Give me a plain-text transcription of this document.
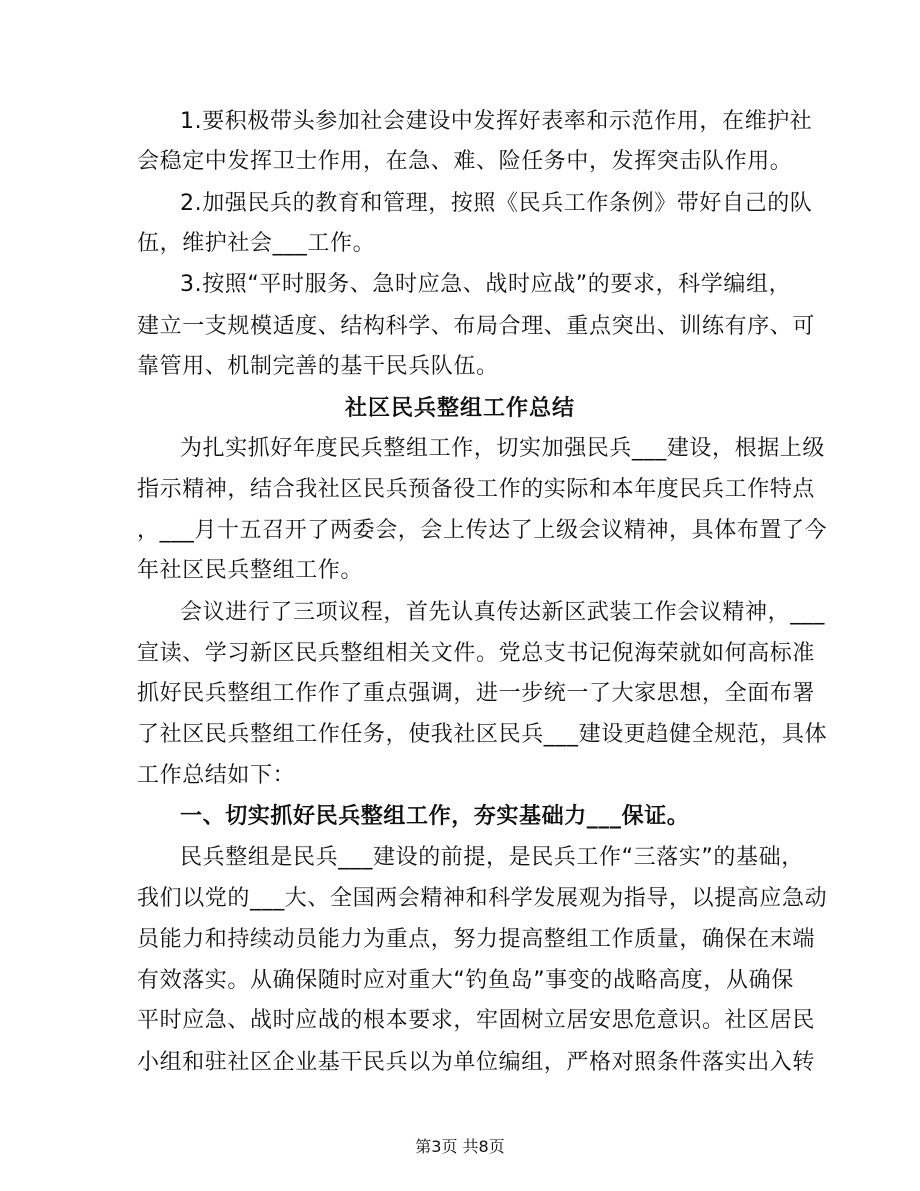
1.要积极带头参加社会建设中发挥好表率和示范作用，在维护社
会稳定中发挥卫士作用，在急、难、险任务中，发挥突击队作用。
2.加强民兵的教育和管理，按照《民兵工作条例》带好自己的队
伍，维护社会___工作。
3.按照“平时服务、急时应急、战时应战”的要求，科学编组，
建立一支规模适度、结构科学、布局合理、重点突出、训练有序、可
靠管用、机制完善的基干民兵队伍。
社区民兵整组工作总结
为扎实抓好年度民兵整组工作，切实加强民兵___建设，根据上级
指示精神，结合我社区民兵预备役工作的实际和本年度民兵工作特点
，___月十五召开了两委会，会上传达了上级会议精神，具体布置了今
年社区民兵整组工作。
会议进行了三项议程，首先认真传达新区武装工作会议精神，___
宣读、学习新区民兵整组相关文件。党总支书记倪海荣就如何高标准
抓好民兵整组工作作了重点强调，进一步统一了大家思想，全面布署
了社区民兵整组工作任务，使我社区民兵___建设更趋健全规范，具体
工作总结如下：
一、切实抓好民兵整组工作，夯实基础力___保证。
民兵整组是民兵___建设的前提，是民兵工作“三落实”的基础，
我们以党的___大、全国两会精神和科学发展观为指导，以提高应急动
员能力和持续动员能力为重点，努力提高整组工作质量，确保在末端
有效落实。从确保随时应对重大“钓鱼岛”事变的战略高度，从确保
平时应急、战时应战的根本要求，牢固树立居安思危意识。社区居民
小组和驻社区企业基干民兵以为单位编组，严格对照条件落实出入转
第3页 共8页
